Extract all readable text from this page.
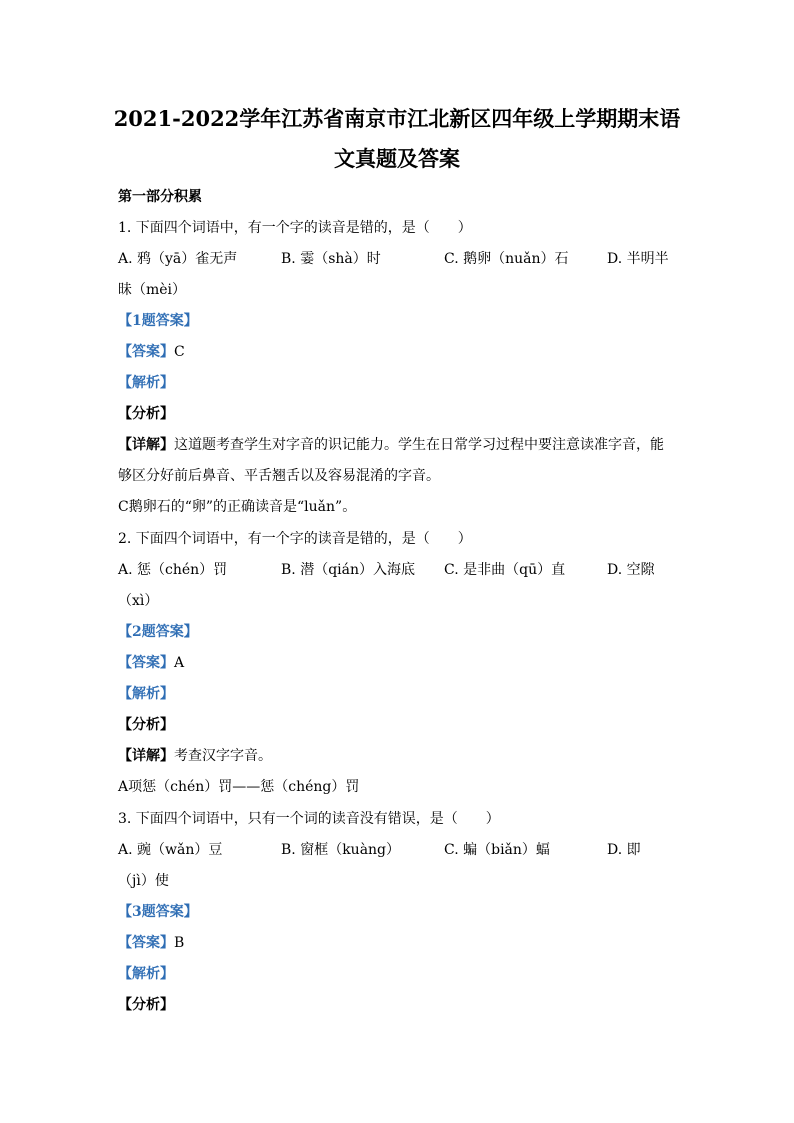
2021-2022学年江苏省南京市江北新区四年级上学期期末语
文真题及答案
第一部分积累
1. 下面四个词语中，有一个字的读音是错的，是（　　）
A. 鸦（yā）雀无声	B. 霎（shà）时	C. 鹅卵（nuǎn）石	D. 半明半
昧（mèi）
【1题答案】
【答案】C
【解析】
【分析】
【详解】这道题考查学生对字音的识记能力。学生在日常学习过程中要注意读准字音，能
够区分好前后鼻音、平舌翘舌以及容易混淆的字音。
C鹅卵石的“卵”的正确读音是“luǎn”。
2. 下面四个词语中，有一个字的读音是错的，是（　　）
A. 惩（chén）罚	B. 潜（qián）入海底 C. 是非曲（qū）直	D. 空隙
（xì）
【2题答案】
【答案】A
【解析】
【分析】
【详解】考查汉字字音。
A项惩（chén）罚——惩（chéng）罚
3. 下面四个词语中，只有一个词的读音没有错误，是（　　）
A. 豌（wǎn）豆	B. 窗框（kuàng）	C. 蝙（biǎn）蝠	D. 即
（jì）使
【3题答案】
【答案】B
【解析】
【分析】
